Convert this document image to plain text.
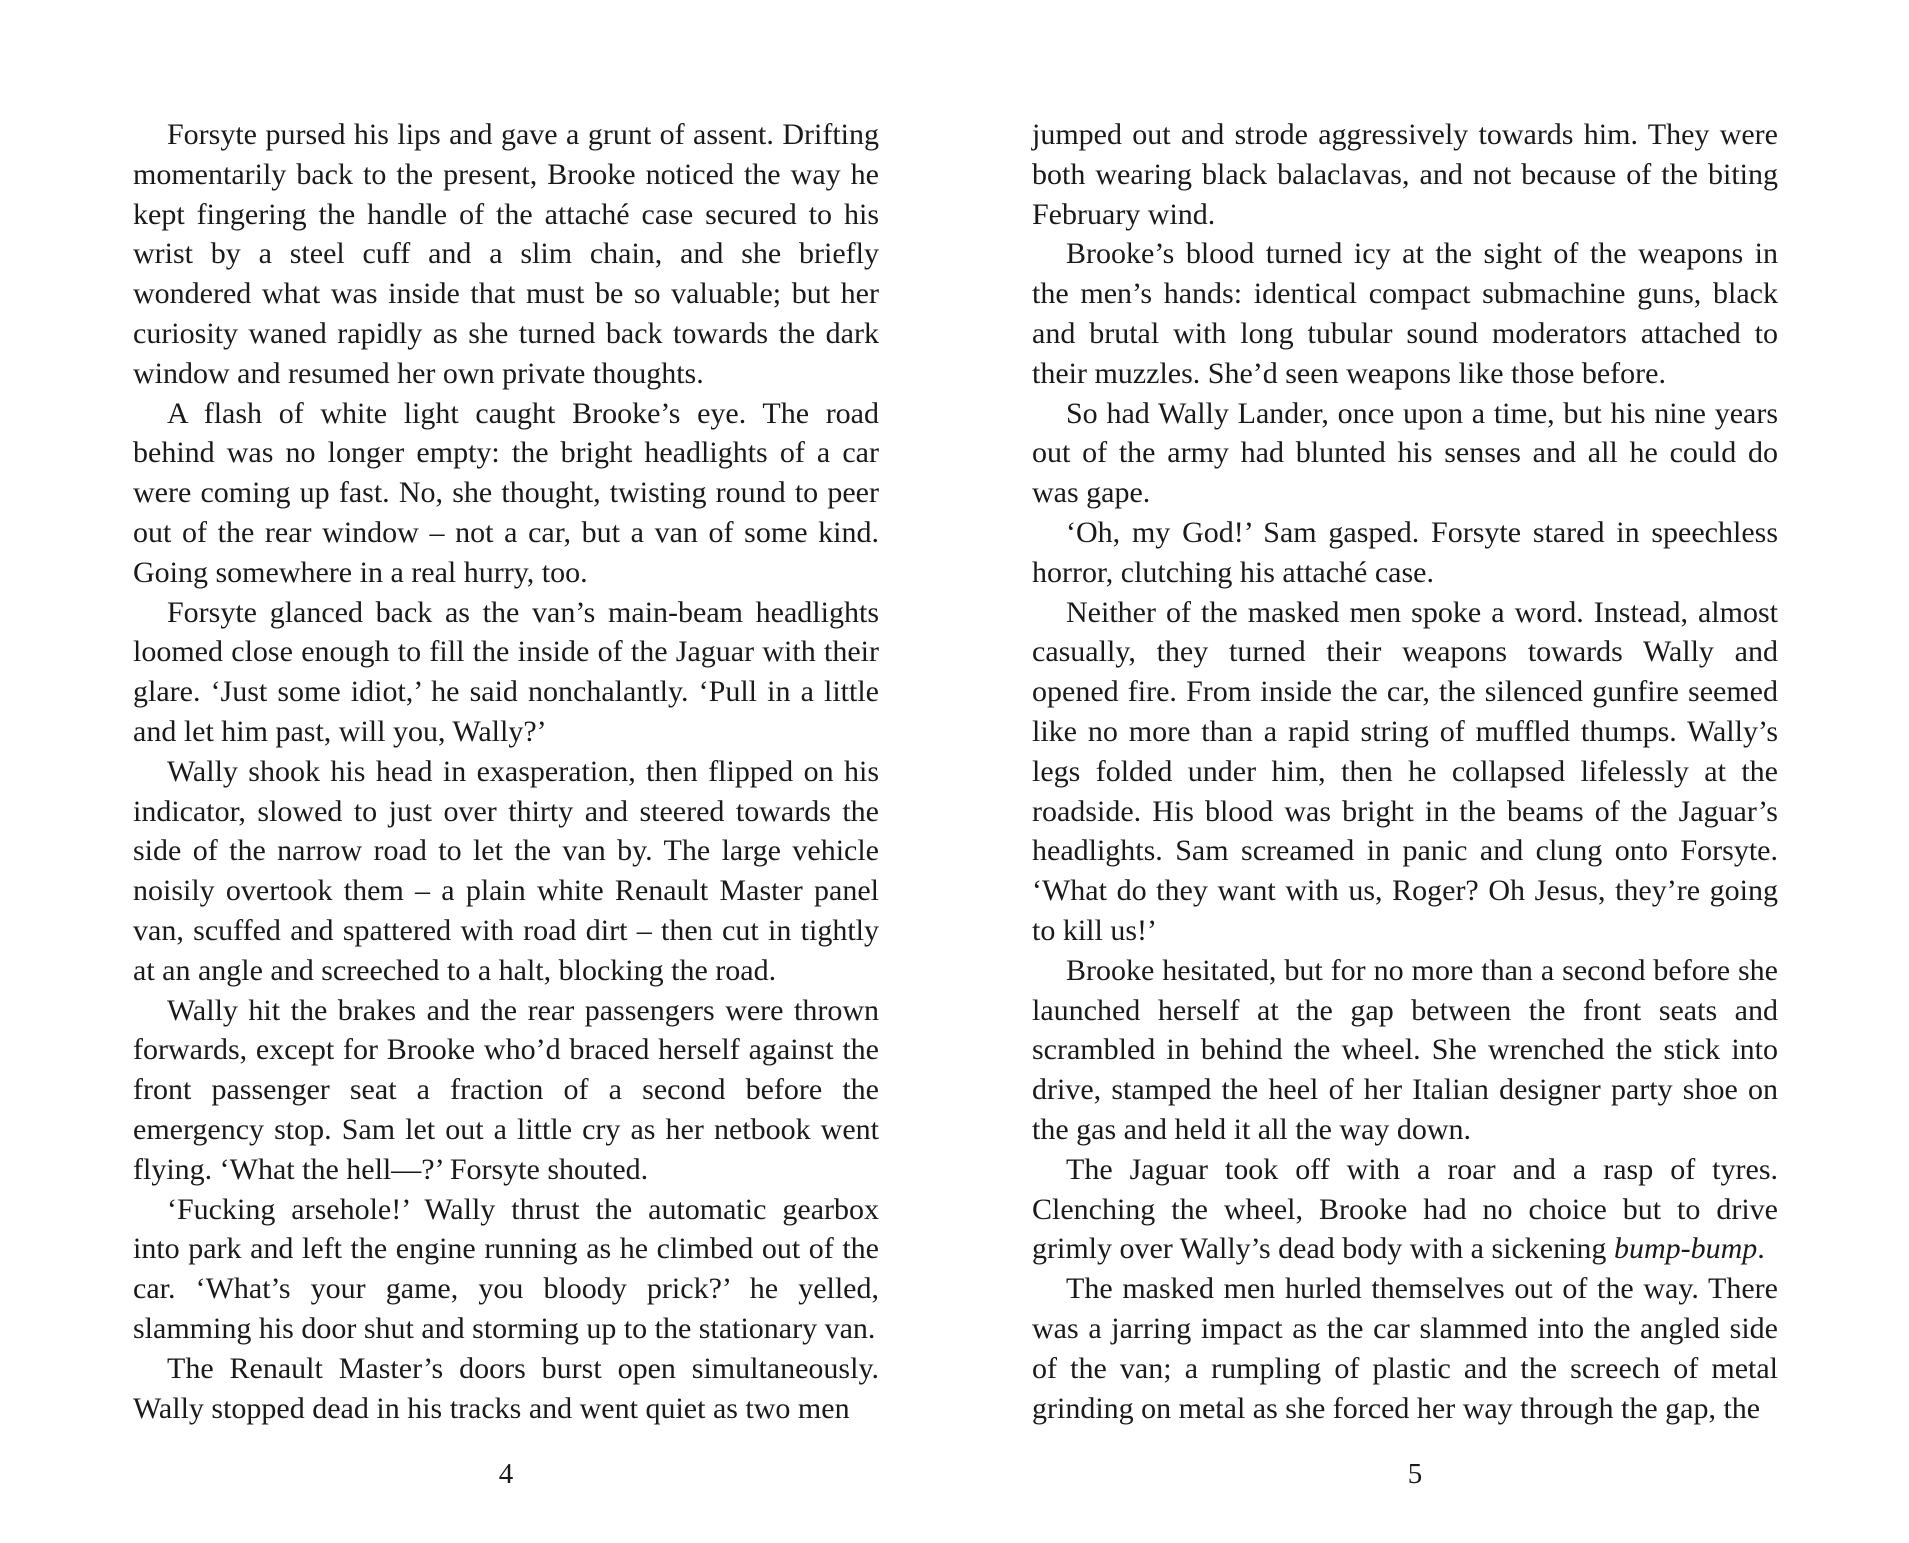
Forsyte pursed his lips and gave a grunt of assent. Drifting momentarily back to the present, Brooke noticed the way he kept fingering the handle of the attaché case secured to his wrist by a steel cuff and a slim chain, and she briefly wondered what was inside that must be so valuable; but her curiosity waned rapidly as she turned back towards the dark window and resumed her own private thoughts.

A flash of white light caught Brooke’s eye. The road behind was no longer empty: the bright headlights of a car were coming up fast. No, she thought, twisting round to peer out of the rear window – not a car, but a van of some kind. Going somewhere in a real hurry, too.

Forsyte glanced back as the van’s main-beam headlights loomed close enough to fill the inside of the Jaguar with their glare. ‘Just some idiot,’ he said nonchalantly. ‘Pull in a little and let him past, will you, Wally?’

Wally shook his head in exasperation, then flipped on his indicator, slowed to just over thirty and steered towards the side of the narrow road to let the van by. The large vehicle noisily overtook them – a plain white Renault Master panel van, scuffed and spattered with road dirt – then cut in tightly at an angle and screeched to a halt, blocking the road.

Wally hit the brakes and the rear passengers were thrown forwards, except for Brooke who’d braced herself against the front passenger seat a fraction of a second before the emergency stop. Sam let out a little cry as her netbook went flying. ‘What the hell—?’ Forsyte shouted.

‘Fucking arsehole!’ Wally thrust the automatic gearbox into park and left the engine running as he climbed out of the car. ‘What’s your game, you bloody prick?’ he yelled, slamming his door shut and storming up to the stationary van.

The Renault Master’s doors burst open simultaneously. Wally stopped dead in his tracks and went quiet as two men

4

jumped out and strode aggressively towards him. They were both wearing black balaclavas, and not because of the biting February wind.

Brooke’s blood turned icy at the sight of the weapons in the men’s hands: identical compact submachine guns, black and brutal with long tubular sound moderators attached to their muzzles. She’d seen weapons like those before.

So had Wally Lander, once upon a time, but his nine years out of the army had blunted his senses and all he could do was gape.

‘Oh, my God!’ Sam gasped. Forsyte stared in speechless horror, clutching his attaché case.

Neither of the masked men spoke a word. Instead, almost casually, they turned their weapons towards Wally and opened fire. From inside the car, the silenced gunfire seemed like no more than a rapid string of muffled thumps. Wally’s legs folded under him, then he collapsed lifelessly at the roadside. His blood was bright in the beams of the Jaguar’s headlights. Sam screamed in panic and clung onto Forsyte. ‘What do they want with us, Roger? Oh Jesus, they’re going to kill us!’

Brooke hesitated, but for no more than a second before she launched herself at the gap between the front seats and scrambled in behind the wheel. She wrenched the stick into drive, stamped the heel of her Italian designer party shoe on the gas and held it all the way down.

The Jaguar took off with a roar and a rasp of tyres. Clenching the wheel, Brooke had no choice but to drive grimly over Wally’s dead body with a sickening bump-bump.

The masked men hurled themselves out of the way. There was a jarring impact as the car slammed into the angled side of the van; a rumpling of plastic and the screech of metal grinding on metal as she forced her way through the gap, the

5
